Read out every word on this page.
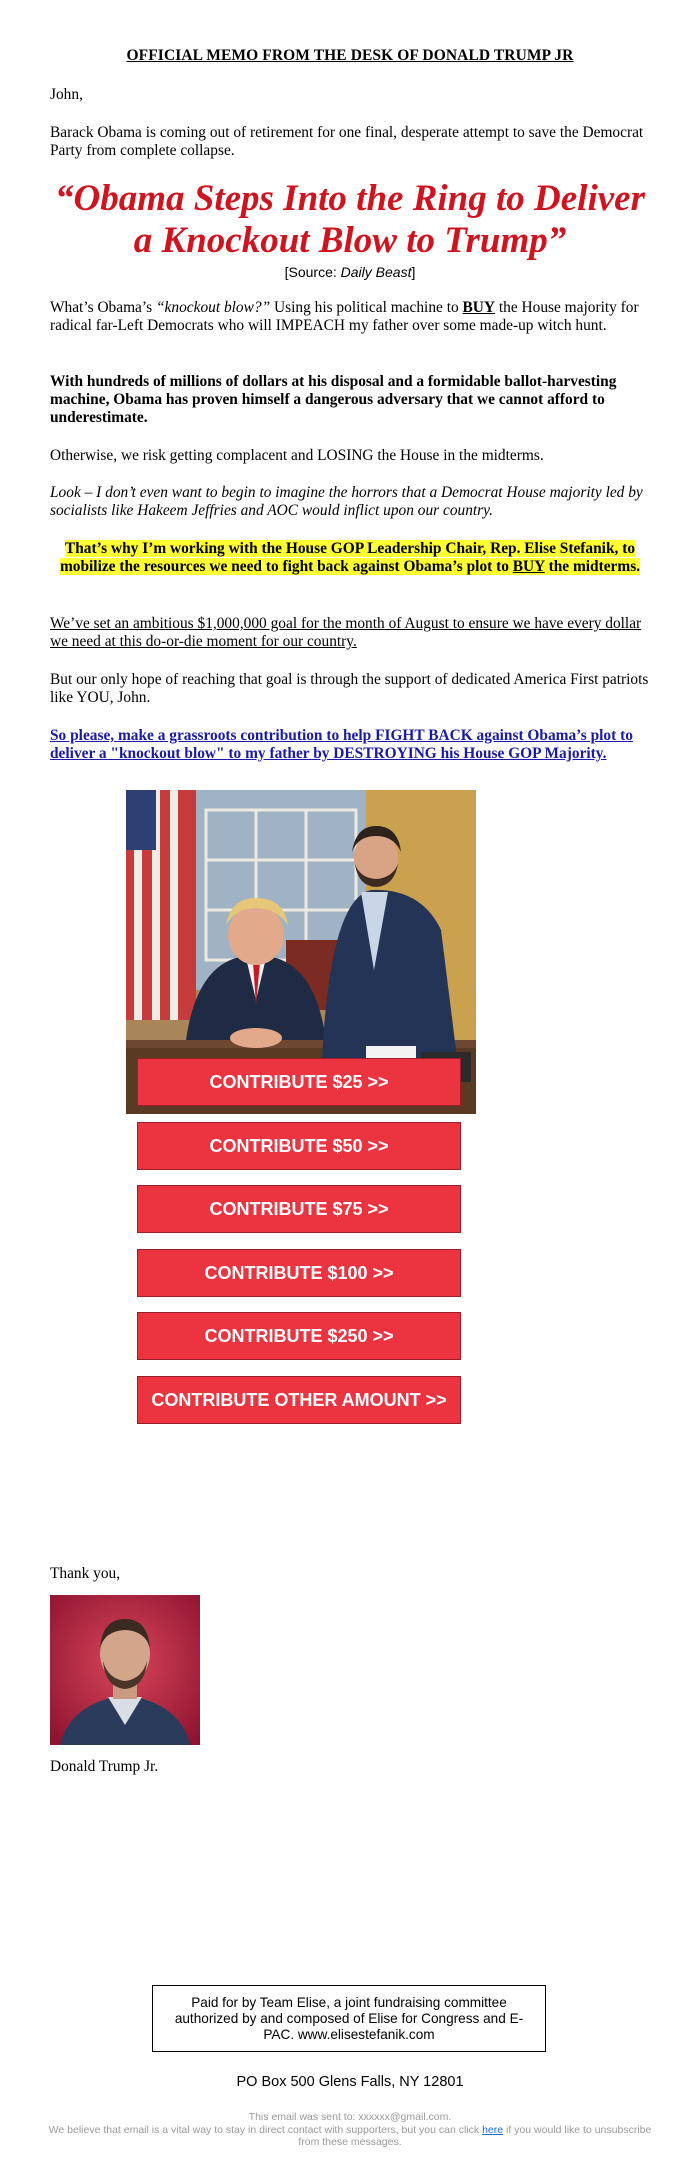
OFFICIAL MEMO FROM THE DESK OF DONALD TRUMP JR
John,
Barack Obama is coming out of retirement for one final, desperate attempt to save the Democrat Party from complete collapse.
“Obama Steps Into the Ring to Deliver a Knockout Blow to Trump”
[Source: Daily Beast]
What’s Obama’s “knockout blow?” Using his political machine to BUY the House majority for radical far-Left Democrats who will IMPEACH my father over some made-up witch hunt.
With hundreds of millions of dollars at his disposal and a formidable ballot-harvesting machine, Obama has proven himself a dangerous adversary that we cannot afford to underestimate.
Otherwise, we risk getting complacent and LOSING the House in the midterms.
Look – I don’t even want to begin to imagine the horrors that a Democrat House majority led by socialists like Hakeem Jeffries and AOC would inflict upon our country.
That’s why I’m working with the House GOP Leadership Chair, Rep. Elise Stefanik, to mobilize the resources we need to fight back against Obama’s plot to BUY the midterms.
We’ve set an ambitious $1,000,000 goal for the month of August to ensure we have every dollar we need at this do-or-die moment for our country.
But our only hope of reaching that goal is through the support of dedicated America First patriots like YOU, John.
So please, make a grassroots contribution to help FIGHT BACK against Obama’s plot to deliver a "knockout blow" to my father by DESTROYING his House GOP Majority.
CONTRIBUTE $25 >>
CONTRIBUTE $50 >>
CONTRIBUTE $75 >>
CONTRIBUTE $100 >>
CONTRIBUTE $250 >>
CONTRIBUTE OTHER AMOUNT >>
Thank you,
Donald Trump Jr.
Paid for by Team Elise, a joint fundraising committee authorized by and composed of Elise for Congress and E-PAC. www.elisestefanik.com
PO Box 500 Glens Falls, NY 12801
This email was sent to: xxxxxx@gmail.com.
We believe that email is a vital way to stay in direct contact with supporters, but you can click here if you would like to unsubscribe from these messages.
